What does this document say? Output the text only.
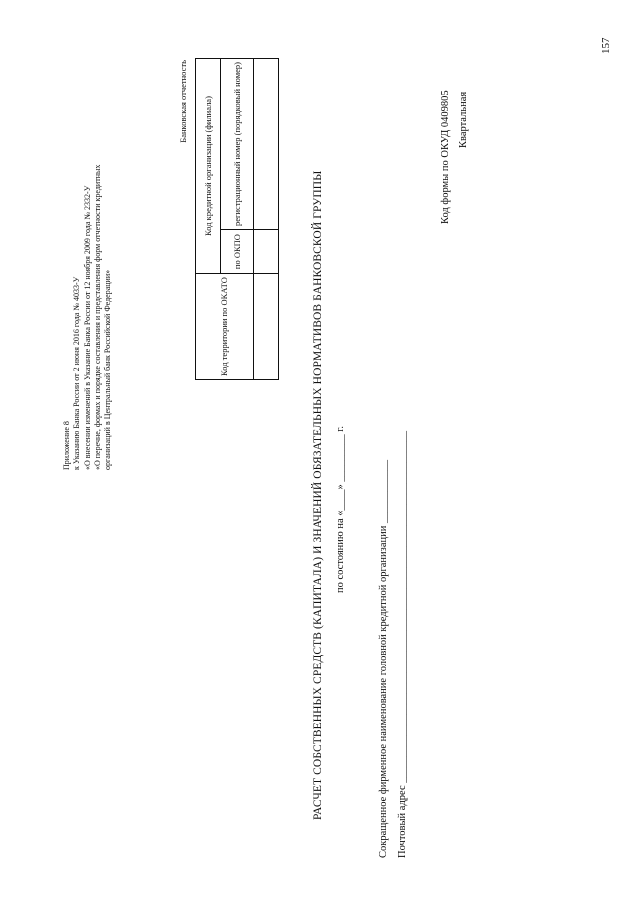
157
Приложение 8 к Указанию Банка России от 2 июня 2016 года № 4033-У «О внесении изменений в Указание Банка России от 12 ноября 2009 года № 2332-У «О перечне, формах и порядке составления и представления форм отчетности кредитных организаций в Центральный банк Российской Федерации»
Банковская отчетность
Код территории по ОКАТО	Код кредитной организации (филиала)	
	по ОКПО	регистрационный номер (порядковый номер)

РАСЧЕТ СОБСТВЕННЫХ СРЕДСТВ (КАПИТАЛА) И ЗНАЧЕНИЙ ОБЯЗАТЕЛЬНЫХ НОРМАТИВОВ БАНКОВСКОЙ ГРУППЫ по состоянию на «____» _________ г.	Сокращенное фирменное наименование головной кредитной организации ____________ Почтовый адрес ___________________________________________________________________
Код формы по ОКУД 0409805 Квартальная
